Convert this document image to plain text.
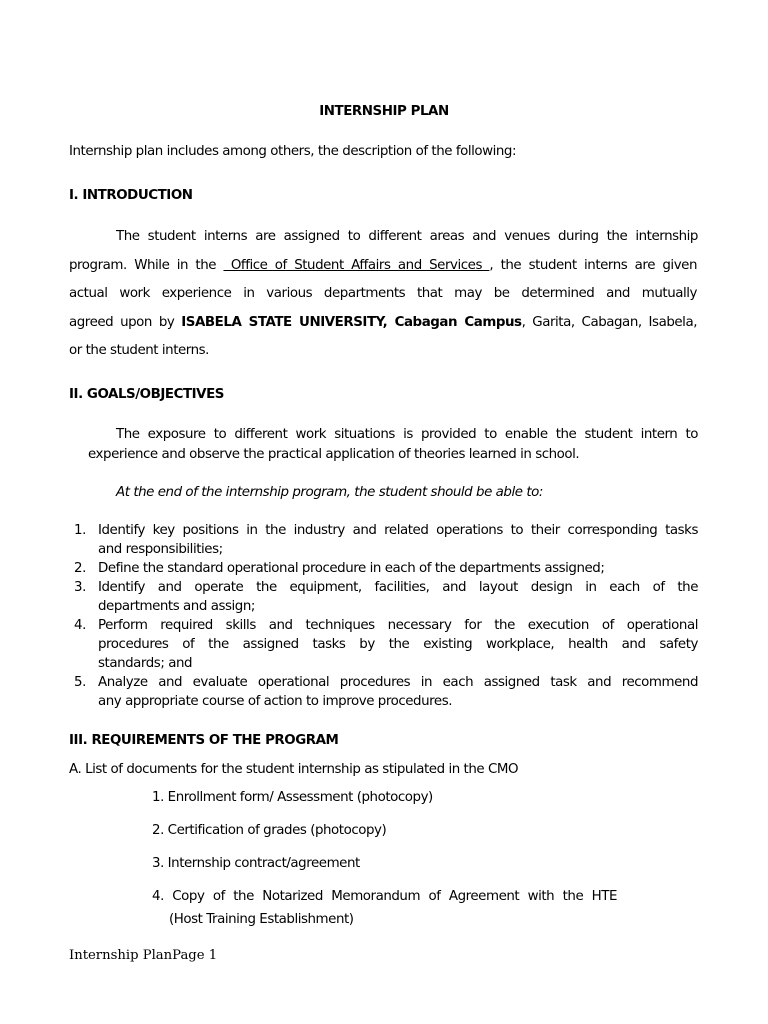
INTERNSHIP PLAN
Internship plan includes among others, the description of the following:
I. INTRODUCTION
The student interns are assigned to different areas and venues during the internship
program. While in the  Office of Student Affairs and Services , the student interns are given
actual work experience in various departments that may be determined and mutually
agreed upon by ISABELA STATE UNIVERSITY, Cabagan Campus, Garita, Cabagan, Isabela,
or the student interns.
II. GOALS/OBJECTIVES
The exposure to different work situations is provided to enable the student intern to
experience and observe the practical application of theories learned in school.
At the end of the internship program, the student should be able to:
1. Identify key positions in the industry and related operations to their corresponding tasks
and responsibilities;
2. Define the standard operational procedure in each of the departments assigned;
3. Identify and operate the equipment, facilities, and layout design in each of the
departments and assign;
4. Perform required skills and techniques necessary for the execution of operational
procedures of the assigned tasks by the existing workplace, health and safety
standards; and
5. Analyze and evaluate operational procedures in each assigned task and recommend
any appropriate course of action to improve procedures.
III. REQUIREMENTS OF THE PROGRAM
A. List of documents for the student internship as stipulated in the CMO
1. Enrollment form/ Assessment (photocopy)
2. Certification of grades (photocopy)
3. Internship contract/agreement
4. Copy of the Notarized Memorandum of Agreement with the HTE
(Host Training Establishment)
Internship PlanPage 1
